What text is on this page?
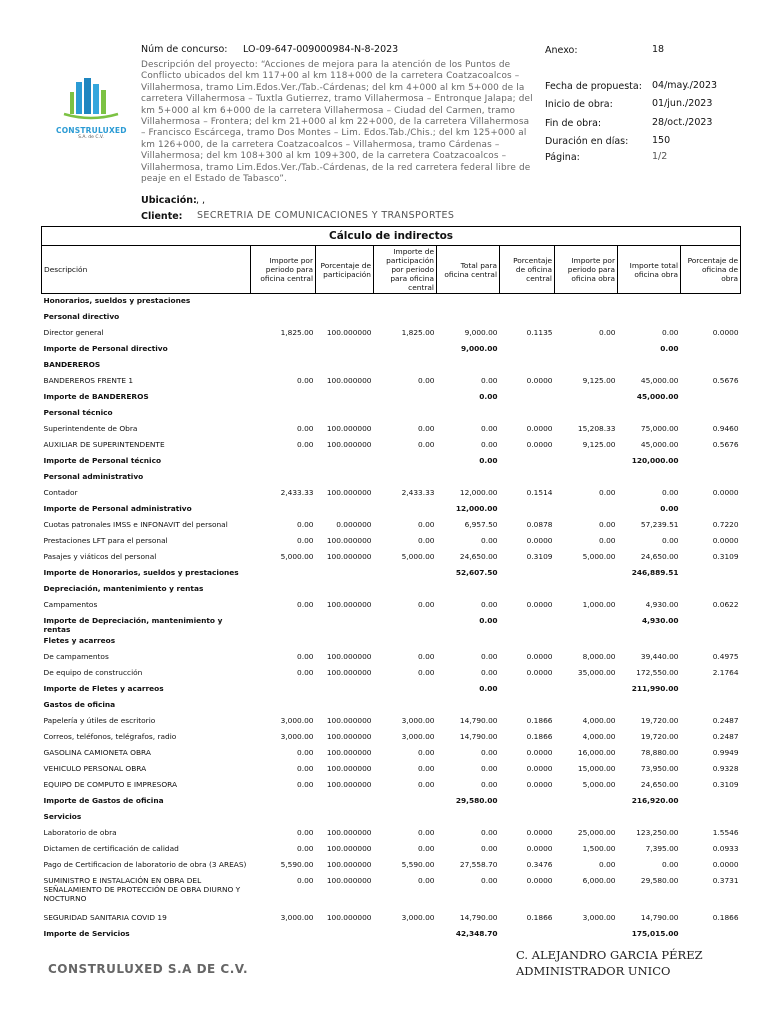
Núm de concurso: LO-09-647-009000984-N-8-2023
Descripción del proyecto: “Acciones de mejora para la atención de los Puntos de Conflicto ubicados del km 117+00 al km 118+000 de la carretera Coatzacoalcos – Villahermosa, tramo Lim.Edos.Ver./Tab.-Cárdenas; del km 4+000 al km 5+000 de la carretera Villahermosa – Tuxtla Gutierrez, tramo Villahermosa – Entronque Jalapa; del km 5+000 al km 6+000 de la carretera Villahermosa – Ciudad del Carmen, tramo Villahermosa – Frontera; del km 21+000 al km 22+000, de la carretera Villahermosa – Francisco Escárcega, tramo Dos Montes – Lim. Edos.Tab./Chis.; del km 125+000 al km 126+000, de la carretera Coatzacoalcos – Villahermosa, tramo Cárdenas – Villahermosa; del km 108+300 al km 109+300, de la carretera Coatzacoalcos – Villahermosa, tramo Lim.Edos.Ver./Tab.-Cárdenas, de la red carretera federal libre de peaje en el Estado de Tabasco”.
Ubicación: , ,
Cliente: SECRETRIA DE COMUNICACIONES Y TRANSPORTES
CONSTRULUXED
S.A. de C.V.
Anexo:	18
Fecha de propuesta: 04/may./2023
Inicio de obra:	01/jun./2023
Fin de obra:	28/oct./2023
Duración en días: 150
Página:	1/2
Cálculo de indirectos								
Descripción	Importe por periodo para oficina central	Porcentaje de participación	Importe de participación por periodo para oficina central	Total para oficina central	Porcentaje de oficina central	Importe por periodo para oficina obra	Importe total oficina obra	Porcentaje de oficina de obra
Honorarios, sueldos y prestaciones								
Personal directivo								
Director general	1,825.00	100.000000	1,825.00	9,000.00	0.1135	0.00	0.00	0.0000
Importe de Personal directivo				9,000.00			0.00	
BANDEREROS								
BANDEREROS FRENTE 1	0.00	100.000000	0.00	0.00	0.0000	9,125.00	45,000.00	0.5676
Importe de BANDEREROS				0.00			45,000.00	
Personal técnico								
Superintendente de Obra	0.00	100.000000	0.00	0.00	0.0000	15,208.33	75,000.00	0.9460
AUXILIAR DE SUPERINTENDENTE	0.00	100.000000	0.00	0.00	0.0000	9,125.00	45,000.00	0.5676
Importe de Personal técnico				0.00			120,000.00	
Personal administrativo								
Contador	2,433.33	100.000000	2,433.33	12,000.00	0.1514	0.00	0.00	0.0000
Importe de Personal administrativo				12,000.00			0.00	
Cuotas patronales IMSS e INFONAVIT del personal	0.00	0.000000	0.00	6,957.50	0.0878	0.00	57,239.51	0.7220
Prestaciones LFT para el personal	0.00	100.000000	0.00	0.00	0.0000	0.00	0.00	0.0000
Pasajes y viáticos del personal	5,000.00	100.000000	5,000.00	24,650.00	0.3109	5,000.00	24,650.00	0.3109
Importe de Honorarios, sueldos y prestaciones				52,607.50			246,889.51	
Depreciación, mantenimiento y rentas								
Campamentos	0.00	100.000000	0.00	0.00	0.0000	1,000.00	4,930.00	0.0622
Importe de Depreciación, mantenimiento y rentas				0.00			4,930.00	
Fletes y acarreos								
De campamentos	0.00	100.000000	0.00	0.00	0.0000	8,000.00	39,440.00	0.4975
De equipo de construcción	0.00	100.000000	0.00	0.00	0.0000	35,000.00	172,550.00	2.1764
Importe de Fletes y acarreos				0.00			211,990.00	
Gastos de oficina								
Papelería y útiles de escritorio	3,000.00	100.000000	3,000.00	14,790.00	0.1866	4,000.00	19,720.00	0.2487
Correos, teléfonos, telégrafos, radio	3,000.00	100.000000	3,000.00	14,790.00	0.1866	4,000.00	19,720.00	0.2487
GASOLINA CAMIONETA OBRA	0.00	100.000000	0.00	0.00	0.0000	16,000.00	78,880.00	0.9949
VEHICULO PERSONAL OBRA	0.00	100.000000	0.00	0.00	0.0000	15,000.00	73,950.00	0.9328
EQUIPO DE COMPUTO E IMPRESORA	0.00	100.000000	0.00	0.00	0.0000	5,000.00	24,650.00	0.3109
Importe de Gastos de oficina				29,580.00			216,920.00	
Servicios								
Laboratorio de obra	0.00	100.000000	0.00	0.00	0.0000	25,000.00	123,250.00	1.5546
Dictamen de certificación de calidad	0.00	100.000000	0.00	0.00	0.0000	1,500.00	7,395.00	0.0933
Pago de Certificacion de laboratorio de obra (3 AREAS)	5,590.00	100.000000	5,590.00	27,558.70	0.3476	0.00	0.00	0.0000
SUMINISTRO E INSTALACIÓN EN OBRA DEL SEÑALAMIENTO DE PROTECCIÓN DE OBRA DIURNO Y NOCTURNO	0.00	100.000000	0.00	0.00	0.0000	6,000.00	29,580.00	0.3731
SEGURIDAD SANITARIA COVID 19	3,000.00	100.000000	3,000.00	14,790.00	0.1866	3,000.00	14,790.00	0.1866
Importe de Servicios				42,348.70			175,015.00	
CONSTRULUXED S.A DE C.V.
C. ALEJANDRO GARCIA PÉREZ
ADMINISTRADOR UNICO
